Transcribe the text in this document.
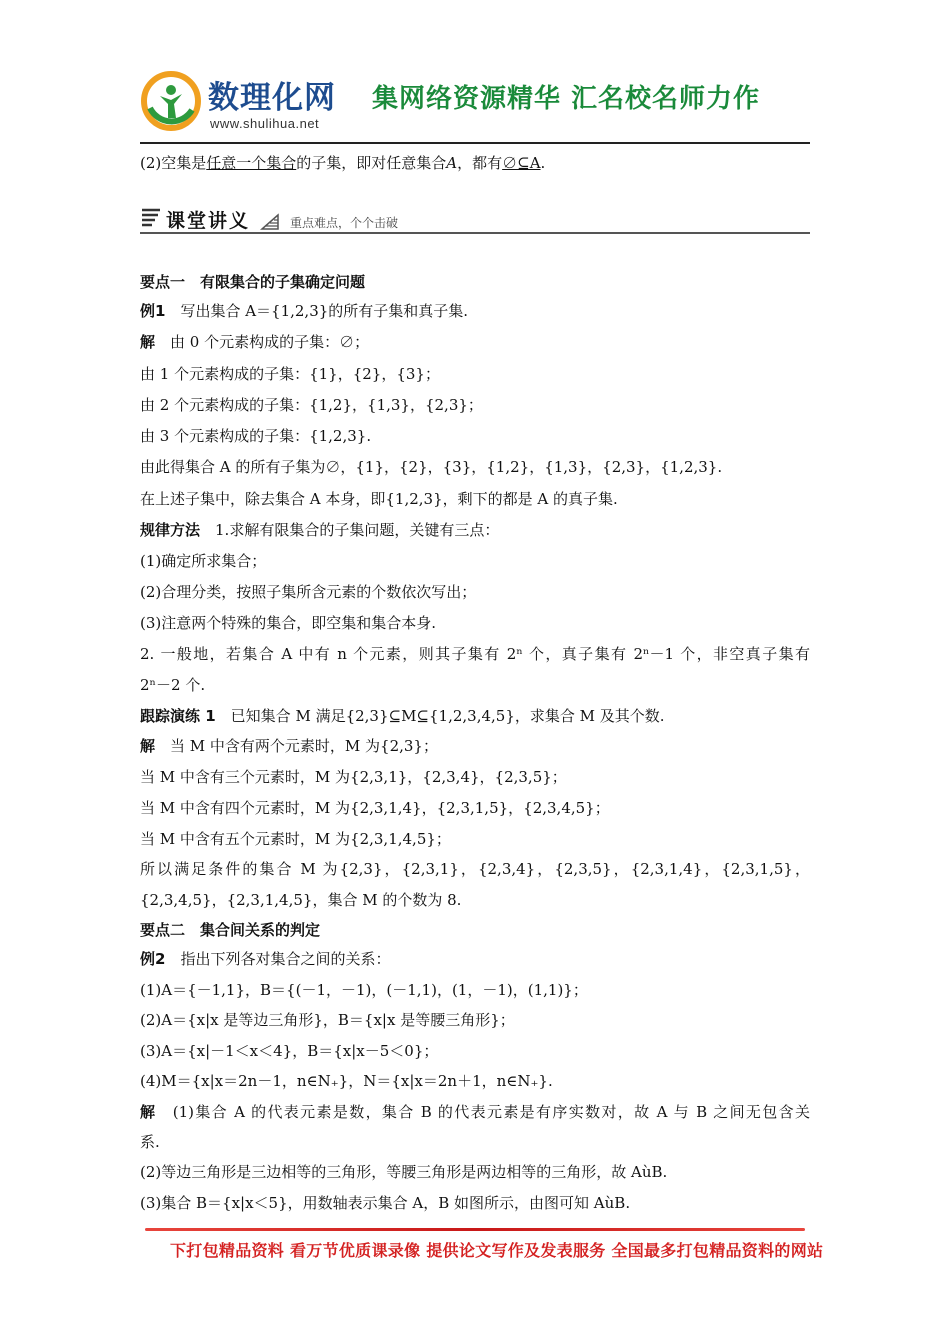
数理化网
www.shulihua.net
集网络资源精华 汇名校名师力作
(2)空集是任意一个集合的子集，即对任意集合A，都有∅⊆A.
课堂讲义	重点难点，个个击破
要点一　有限集合的子集确定问题
例1　写出集合 A＝{1,2,3}的所有子集和真子集.
解　由 0 个元素构成的子集：∅；
由 1 个元素构成的子集：{1}，{2}，{3}；
由 2 个元素构成的子集：{1,2}，{1,3}，{2,3}；
由 3 个元素构成的子集：{1,2,3}.
由此得集合 A 的所有子集为∅，{1}，{2}，{3}，{1,2}，{1,3}，{2,3}，{1,2,3}.
在上述子集中，除去集合 A 本身，即{1,2,3}，剩下的都是 A 的真子集.
规律方法　1.求解有限集合的子集问题，关键有三点：
(1)确定所求集合；
(2)合理分类，按照子集所含元素的个数依次写出；
(3)注意两个特殊的集合，即空集和集合本身.
2. 一般地，若集合 A 中有 n 个元素，则其子集有 2ⁿ 个，真子集有 2ⁿ－1 个，非空真子集有
2ⁿ－2 个.
跟踪演练 1　已知集合 M 满足{2,3}⊆M⊆{1,2,3,4,5}，求集合 M 及其个数.
解　当 M 中含有两个元素时，M 为{2,3}；
当 M 中含有三个元素时，M 为{2,3,1}，{2,3,4}，{2,3,5}；
当 M 中含有四个元素时，M 为{2,3,1,4}，{2,3,1,5}，{2,3,4,5}；
当 M 中含有五个元素时，M 为{2,3,1,4,5}；
所以满足条件的集合 M 为{2,3}，{2,3,1}，{2,3,4}，{2,3,5}，{2,3,1,4}，{2,3,1,5}，
{2,3,4,5}，{2,3,1,4,5}，集合 M 的个数为 8.
要点二　集合间关系的判定
例2　指出下列各对集合之间的关系：
(1)A＝{－1,1}，B＝{(－1，－1)，(－1,1)，(1，－1)，(1,1)}；
(2)A＝{x|x 是等边三角形}，B＝{x|x 是等腰三角形}；
(3)A＝{x|－1＜x＜4}，B＝{x|x－5＜0}；
(4)M＝{x|x＝2n－1，n∈N₊}，N＝{x|x＝2n＋1，n∈N₊}.
解　(1)集合 A 的代表元素是数，集合 B 的代表元素是有序实数对，故 A 与 B 之间无包含关
系.
(2)等边三角形是三边相等的三角形，等腰三角形是两边相等的三角形，故 AùB.
(3)集合 B＝{x|x＜5}，用数轴表示集合 A，B 如图所示，由图可知 AùB.
下打包精品资料 看万节优质课录像 提供论文写作及发表服务 全国最多打包精品资料的网站
